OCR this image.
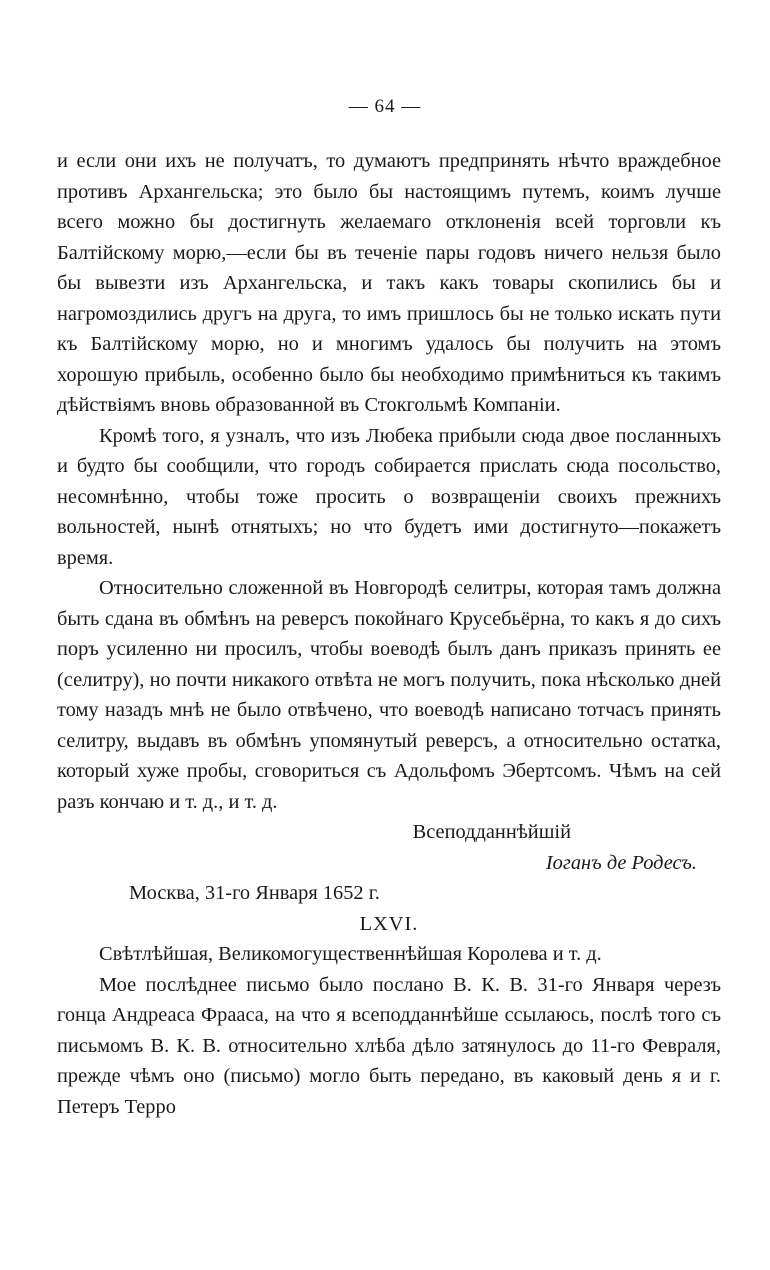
— 64 —

и если они ихъ не получатъ, то думаютъ предпринять нѣчто враждебное противъ Архангельска; это было бы настоящимъ путемъ, коимъ лучше всего можно бы достигнуть желаемаго отклоненія всей торговли къ Балтійскому морю,—если бы въ теченіе пары годовъ ничего нельзя было бы вывезти изъ Архангельска, и такъ какъ товары скопились бы и нагромоздились другъ на друга, то имъ пришлось бы не только искать пути къ Балтійскому морю, но и многимъ удалось бы получить на этомъ хорошую прибыль, особенно было бы необходимо примѣниться къ такимъ дѣйствіямъ вновь образованной въ Стокгольмѣ Компаніи.

Кромѣ того, я узналъ, что изъ Любека прибыли сюда двое посланныхъ и будто бы сообщили, что городъ собирается прислать сюда посольство, несомнѣнно, чтобы тоже просить о возвращеніи своихъ прежнихъ вольностей, нынѣ отнятыхъ; но что будетъ ими достигнуто—покажетъ время.

Относительно сложенной въ Новгородѣ селитры, которая тамъ должна быть сдана въ обмѣнъ на реверсъ покойнаго Крусебьёрна, то какъ я до сихъ поръ усиленно ни просилъ, чтобы воеводѣ былъ данъ приказъ принять ее (селитру), но почти никакого отвѣта не могъ получить, пока нѣсколько дней тому назадъ мнѣ не было отвѣчено, что воеводѣ написано тотчасъ принять селитру, выдавъ въ обмѣнъ упомянутый реверсъ, а относительно остатка, который хуже пробы, сговориться съ Адольфомъ Эбертсомъ. Чѣмъ на сей разъ кончаю и т. д., и т. д.

Всеподданнѣйшій

Іоганъ де Родесъ.

Москва, 31-го Января 1652 г.

LXVI.

Свѣтлѣйшая, Великомогущественнѣйшая Королева и т. д.

Мое послѣднее письмо было послано В. К. В. 31-го Января черезъ гонца Андреаса Фрааса, на что я всеподданнѣйше ссылаюсь, послѣ того съ письмомъ В. К. В. относительно хлѣба дѣло затянулось до 11-го Февраля, прежде чѣмъ оно (письмо) могло быть передано, въ каковый день я и г. Петеръ Терро
